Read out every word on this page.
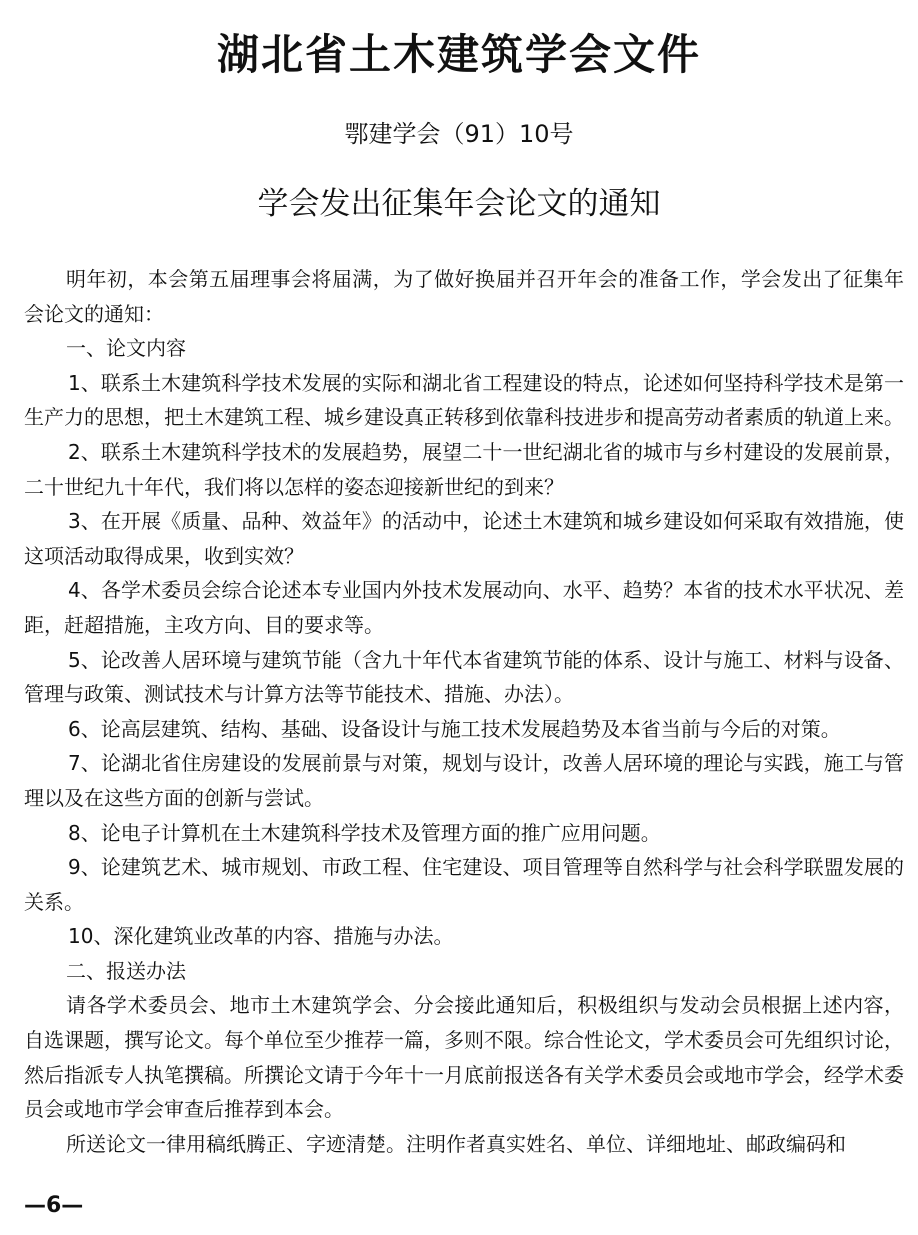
湖北省土木建筑学会文件
鄂建学会（91）10号
学会发出征集年会论文的通知

明年初，本会第五届理事会将届满，为了做好换届并召开年会的准备工作，学会发出了征集年会论文的通知：

一、论文内容

1、联系土木建筑科学技术发展的实际和湖北省工程建设的特点，论述如何坚持科学技术是第一生产力的思想，把土木建筑工程、城乡建设真正转移到依靠科技进步和提高劳动者素质的轨道上来。

2、联系土木建筑科学技术的发展趋势，展望二十一世纪湖北省的城市与乡村建设的发展前景，二十世纪九十年代，我们将以怎样的姿态迎接新世纪的到来？

3、在开展《质量、品种、效益年》的活动中，论述土木建筑和城乡建设如何采取有效措施，使这项活动取得成果，收到实效？

4、各学术委员会综合论述本专业国内外技术发展动向、水平、趋势？本省的技术水平状况、差距，赶超措施，主攻方向、目的要求等。

5、论改善人居环境与建筑节能（含九十年代本省建筑节能的体系、设计与施工、材料与设备、管理与政策、测试技术与计算方法等节能技术、措施、办法）。

6、论高层建筑、结构、基础、设备设计与施工技术发展趋势及本省当前与今后的对策。

7、论湖北省住房建设的发展前景与对策，规划与设计，改善人居环境的理论与实践，施工与管理以及在这些方面的创新与尝试。

8、论电子计算机在土木建筑科学技术及管理方面的推广应用问题。

9、论建筑艺术、城市规划、市政工程、住宅建设、项目管理等自然科学与社会科学联盟发展的关系。

10、深化建筑业改革的内容、措施与办法。

二、报送办法

请各学术委员会、地市土木建筑学会、分会接此通知后，积极组织与发动会员根据上述内容，自选课题，撰写论文。每个单位至少推荐一篇，多则不限。综合性论文，学术委员会可先组织讨论，然后指派专人执笔撰稿。所撰论文请于今年十一月底前报送各有关学术委员会或地市学会，经学术委员会或地市学会审查后推荐到本会。

所送论文一律用稿纸腾正、字迹清楚。注明作者真实姓名、单位、详细地址、邮政编码和

—6—
